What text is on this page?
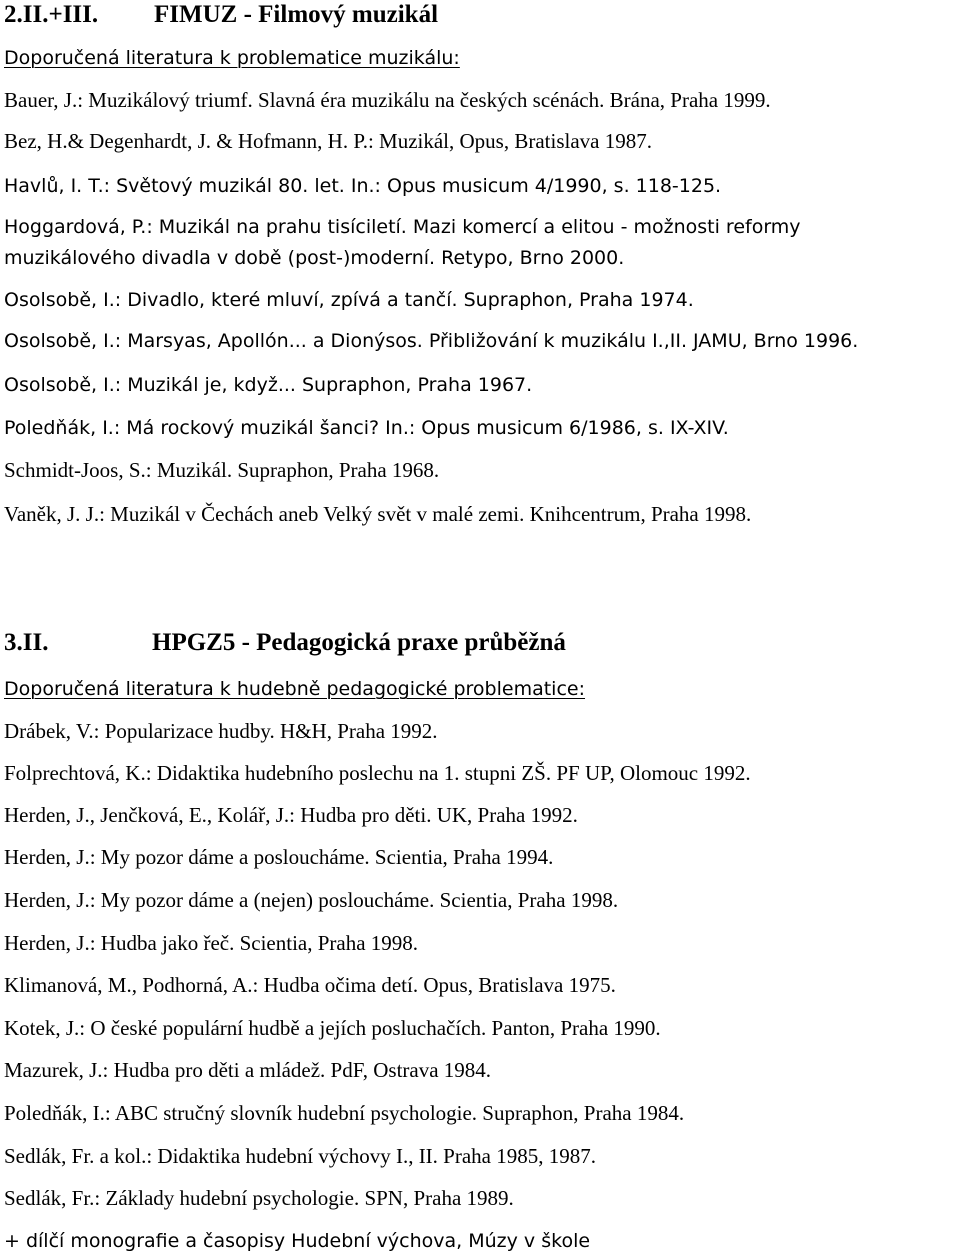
2.II.+III. FIMUZ - Filmový muzikál
Doporučená literatura k problematice muzikálu:
Bauer, J.: Muzikálový triumf. Slavná éra muzikálu na českých scénách. Brána, Praha 1999.
Bez, H.& Degenhardt, J. & Hofmann, H. P.: Muzikál, Opus, Bratislava 1987.
Havlů, I. T.: Světový muzikál 80. let. In.: Opus musicum 4/1990, s. 118-125.
Hoggardová, P.: Muzikál na prahu tisíciletí. Mazi komercí a elitou - možnosti reformy
muzikálového divadla v době (post-)moderní. Retypo, Brno 2000.
Osolsobě, I.: Divadlo, které mluví, zpívá a tančí. Supraphon, Praha 1974.
Osolsobě, I.: Marsyas, Apollón... a Dionýsos. Přibližování k muzikálu I.,II. JAMU, Brno 1996.
Osolsobě, I.: Muzikál je, když... Supraphon, Praha 1967.
Poledňák, I.: Má rockový muzikál šanci? In.: Opus musicum 6/1986, s. IX-XIV.
Schmidt-Joos, S.: Muzikál. Supraphon, Praha 1968.
Vaněk, J. J.: Muzikál v Čechách aneb Velký svět v malé zemi. Knihcentrum, Praha 1998.
3.II.	HPGZ5 - Pedagogická praxe průběžná
Doporučená literatura k hudebně pedagogické problematice:
Drábek, V.: Popularizace hudby. H&H, Praha 1992.
Folprechtová, K.: Didaktika hudebního poslechu na 1. stupni ZŠ. PF UP, Olomouc 1992.
Herden, J., Jenčková, E., Kolář, J.: Hudba pro děti. UK, Praha 1992.
Herden, J.: My pozor dáme a posloucháme. Scientia, Praha 1994.
Herden, J.: My pozor dáme a (nejen) posloucháme. Scientia, Praha 1998.
Herden, J.: Hudba jako řeč. Scientia, Praha 1998.
Klimanová, M., Podhorná, A.: Hudba očima detí. Opus, Bratislava 1975.
Kotek, J.: O české populární hudbě a jejích posluchačích. Panton, Praha 1990.
Mazurek, J.: Hudba pro děti a mládež. PdF, Ostrava 1984.
Poledňák, I.: ABC stručný slovník hudební psychologie. Supraphon, Praha 1984.
Sedlák, Fr. a kol.: Didaktika hudební výchovy I., II. Praha 1985, 1987.
Sedlák, Fr.: Základy hudební psychologie. SPN, Praha 1989.
+ dílčí monografie a časopisy Hudební výchova, Múzy v škole
